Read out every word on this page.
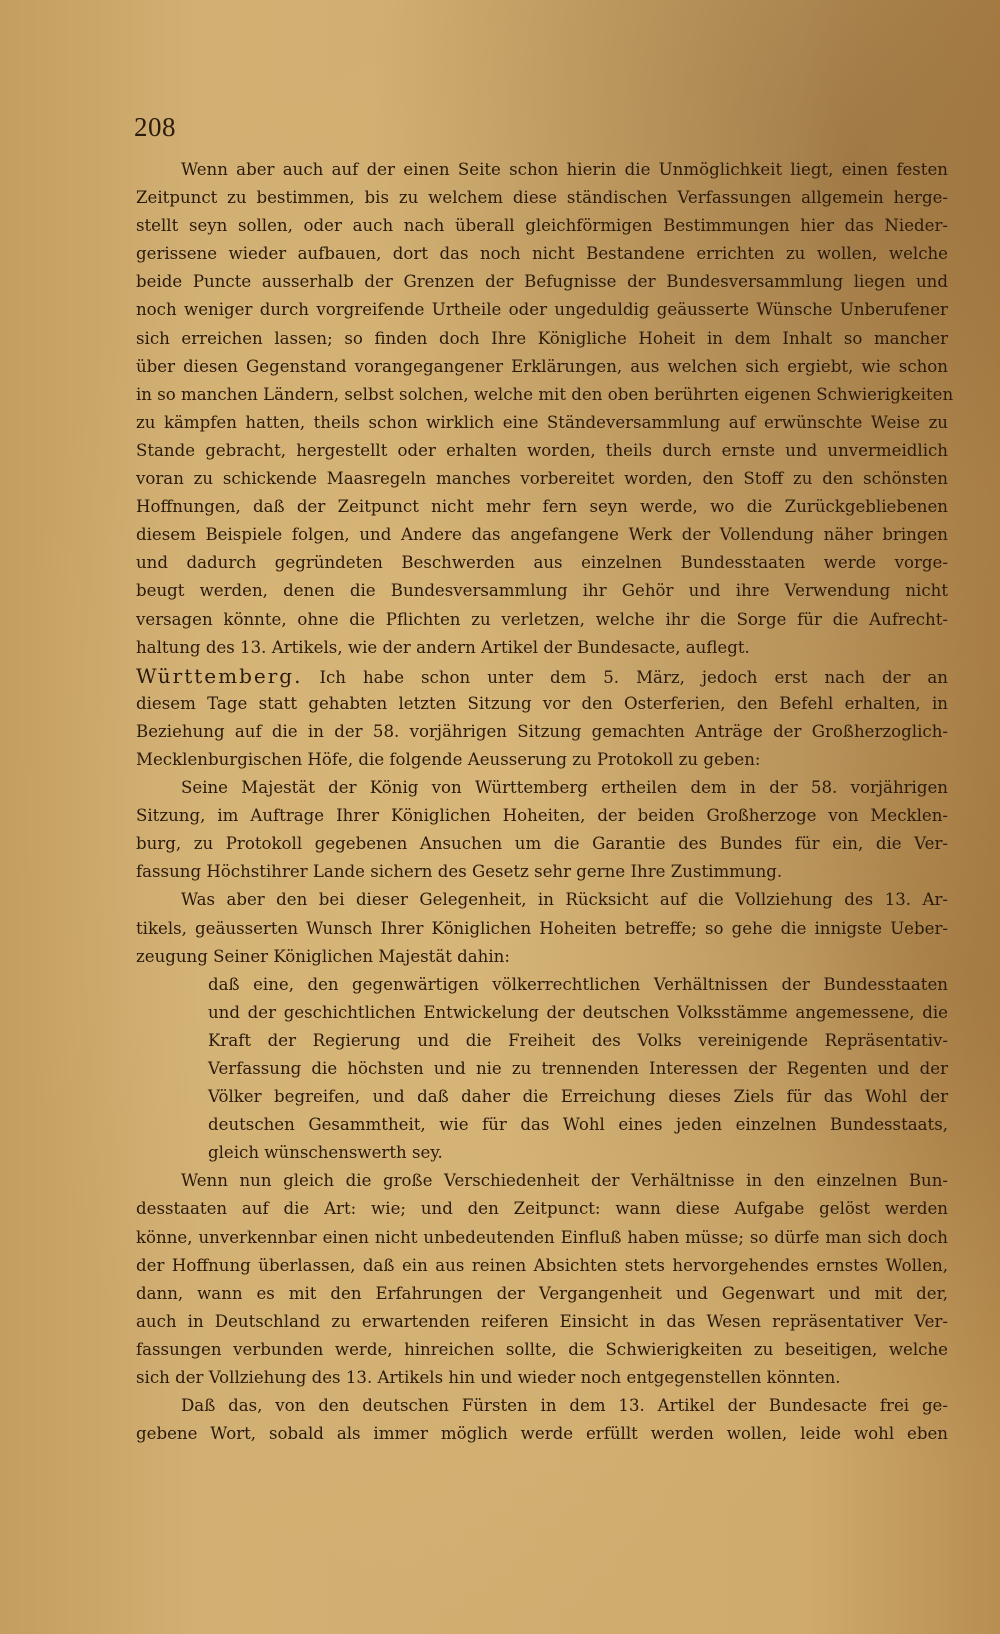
208
Wenn aber auch auf der einen Seite schon hierin die Unmöglichkeit liegt, einen festen
Zeitpunct zu bestimmen, bis zu welchem diese ständischen Verfassungen allgemein herge-
stellt seyn sollen, oder auch nach überall gleichförmigen Bestimmungen hier das Nieder-
gerissene wieder aufbauen, dort das noch nicht Bestandene errichten zu wollen, welche
beide Puncte ausserhalb der Grenzen der Befugnisse der Bundesversammlung liegen und
noch weniger durch vorgreifende Urtheile oder ungeduldig geäusserte Wünsche Unberufener
sich erreichen lassen; so finden doch Ihre Königliche Hoheit in dem Inhalt so mancher
über diesen Gegenstand vorangegangener Erklärungen, aus welchen sich ergiebt, wie schon
in so manchen Ländern, selbst solchen, welche mit den oben berührten eigenen Schwierigkeiten
zu kämpfen hatten, theils schon wirklich eine Ständeversammlung auf erwünschte Weise zu
Stande gebracht, hergestellt oder erhalten worden, theils durch ernste und unvermeidlich
voran zu schickende Maasregeln manches vorbereitet worden, den Stoff zu den schönsten
Hoffnungen, daß der Zeitpunct nicht mehr fern seyn werde, wo die Zurückgebliebenen
diesem Beispiele folgen, und Andere das angefangene Werk der Vollendung näher bringen
und dadurch gegründeten Beschwerden aus einzelnen Bundesstaaten werde vorge-
beugt werden, denen die Bundesversammlung ihr Gehör und ihre Verwendung nicht
versagen könnte, ohne die Pflichten zu verletzen, welche ihr die Sorge für die Aufrecht-
haltung des 13. Artikels, wie der andern Artikel der Bundesacte, auflegt.
Württemberg. Ich habe schon unter dem 5. März, jedoch erst nach der an
diesem Tage statt gehabten letzten Sitzung vor den Osterferien, den Befehl erhalten, in
Beziehung auf die in der 58. vorjährigen Sitzung gemachten Anträge der Großherzoglich-
Mecklenburgischen Höfe, die folgende Aeusserung zu Protokoll zu geben:
Seine Majestät der König von Württemberg ertheilen dem in der 58. vorjährigen
Sitzung, im Auftrage Ihrer Königlichen Hoheiten, der beiden Großherzoge von Mecklen-
burg, zu Protokoll gegebenen Ansuchen um die Garantie des Bundes für ein, die Ver-
fassung Höchstihrer Lande sichern des Gesetz sehr gerne Ihre Zustimmung.
Was aber den bei dieser Gelegenheit, in Rücksicht auf die Vollziehung des 13. Ar-
tikels, geäusserten Wunsch Ihrer Königlichen Hoheiten betreffe; so gehe die innigste Ueber-
zeugung Seiner Königlichen Majestät dahin:
daß eine, den gegenwärtigen völkerrechtlichen Verhältnissen der Bundesstaaten
und der geschichtlichen Entwickelung der deutschen Volksstämme angemessene, die
Kraft der Regierung und die Freiheit des Volks vereinigende Repräsentativ-
Verfassung die höchsten und nie zu trennenden Interessen der Regenten und der
Völker begreifen, und daß daher die Erreichung dieses Ziels für das Wohl der
deutschen Gesammtheit, wie für das Wohl eines jeden einzelnen Bundesstaats,
gleich wünschenswerth sey.
Wenn nun gleich die große Verschiedenheit der Verhältnisse in den einzelnen Bun-
desstaaten auf die Art: wie; und den Zeitpunct: wann diese Aufgabe gelöst werden
könne, unverkennbar einen nicht unbedeutenden Einfluß haben müsse; so dürfe man sich doch
der Hoffnung überlassen, daß ein aus reinen Absichten stets hervorgehendes ernstes Wollen,
dann, wann es mit den Erfahrungen der Vergangenheit und Gegenwart und mit der,
auch in Deutschland zu erwartenden reiferen Einsicht in das Wesen repräsentativer Ver-
fassungen verbunden werde, hinreichen sollte, die Schwierigkeiten zu beseitigen, welche
sich der Vollziehung des 13. Artikels hin und wieder noch entgegenstellen könnten.
Daß das, von den deutschen Fürsten in dem 13. Artikel der Bundesacte frei ge-
gebene Wort, sobald als immer möglich werde erfüllt werden wollen, leide wohl eben
